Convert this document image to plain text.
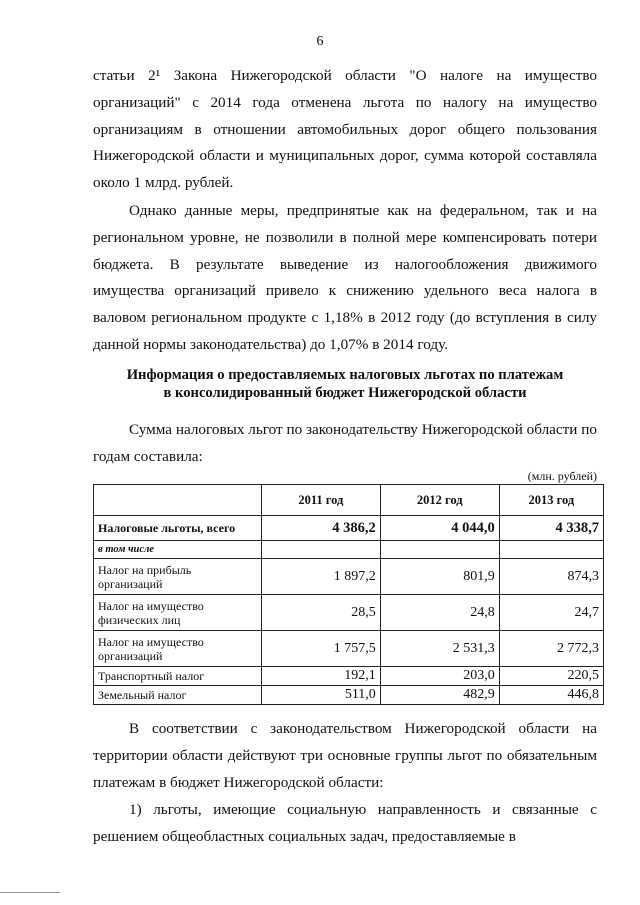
6

статьи 2¹ Закона Нижегородской области "О налоге на имущество организаций" с 2014 года отменена льгота по налогу на имущество организациям в отношении автомобильных дорог общего пользования Нижегородской области и муниципальных дорог, сумма которой составляла около 1 млрд. рублей.

Однако данные меры, предпринятые как на федеральном, так и на региональном уровне, не позволили в полной мере компенсировать потери бюджета. В результате выведение из налогообложения движимого имущества организаций привело к снижению удельного веса налога в валовом региональном продукте с 1,18% в 2012 году (до вступления в силу данной нормы законодательства) до 1,07% в 2014 году.

Информация о предоставляемых налоговых льготах по платежам
в консолидированный бюджет Нижегородской области

Сумма налоговых льгот по законодательству Нижегородской области по годам составила:

(млн. рублей)
	2011 год	2012 год	2013 год
Налоговые льготы, всего	4 386,2	4 044,0	4 338,7
в том числе			
Налог на прибыль организаций	1 897,2	801,9	874,3
Налог на имущество физических лиц	28,5	24,8	24,7
Налог на имущество организаций	1 757,5	2 531,3	2 772,3
Транспортный налог	192,1	203,0	220,5
Земельный налог	511,0	482,9	446,8

В соответствии с законодательством Нижегородской области на территории области действуют три основные группы льгот по обязательным платежам в бюджет Нижегородской области:

1) льготы, имеющие социальную направленность и связанные с решением общеобластных социальных задач, предоставляемые в
